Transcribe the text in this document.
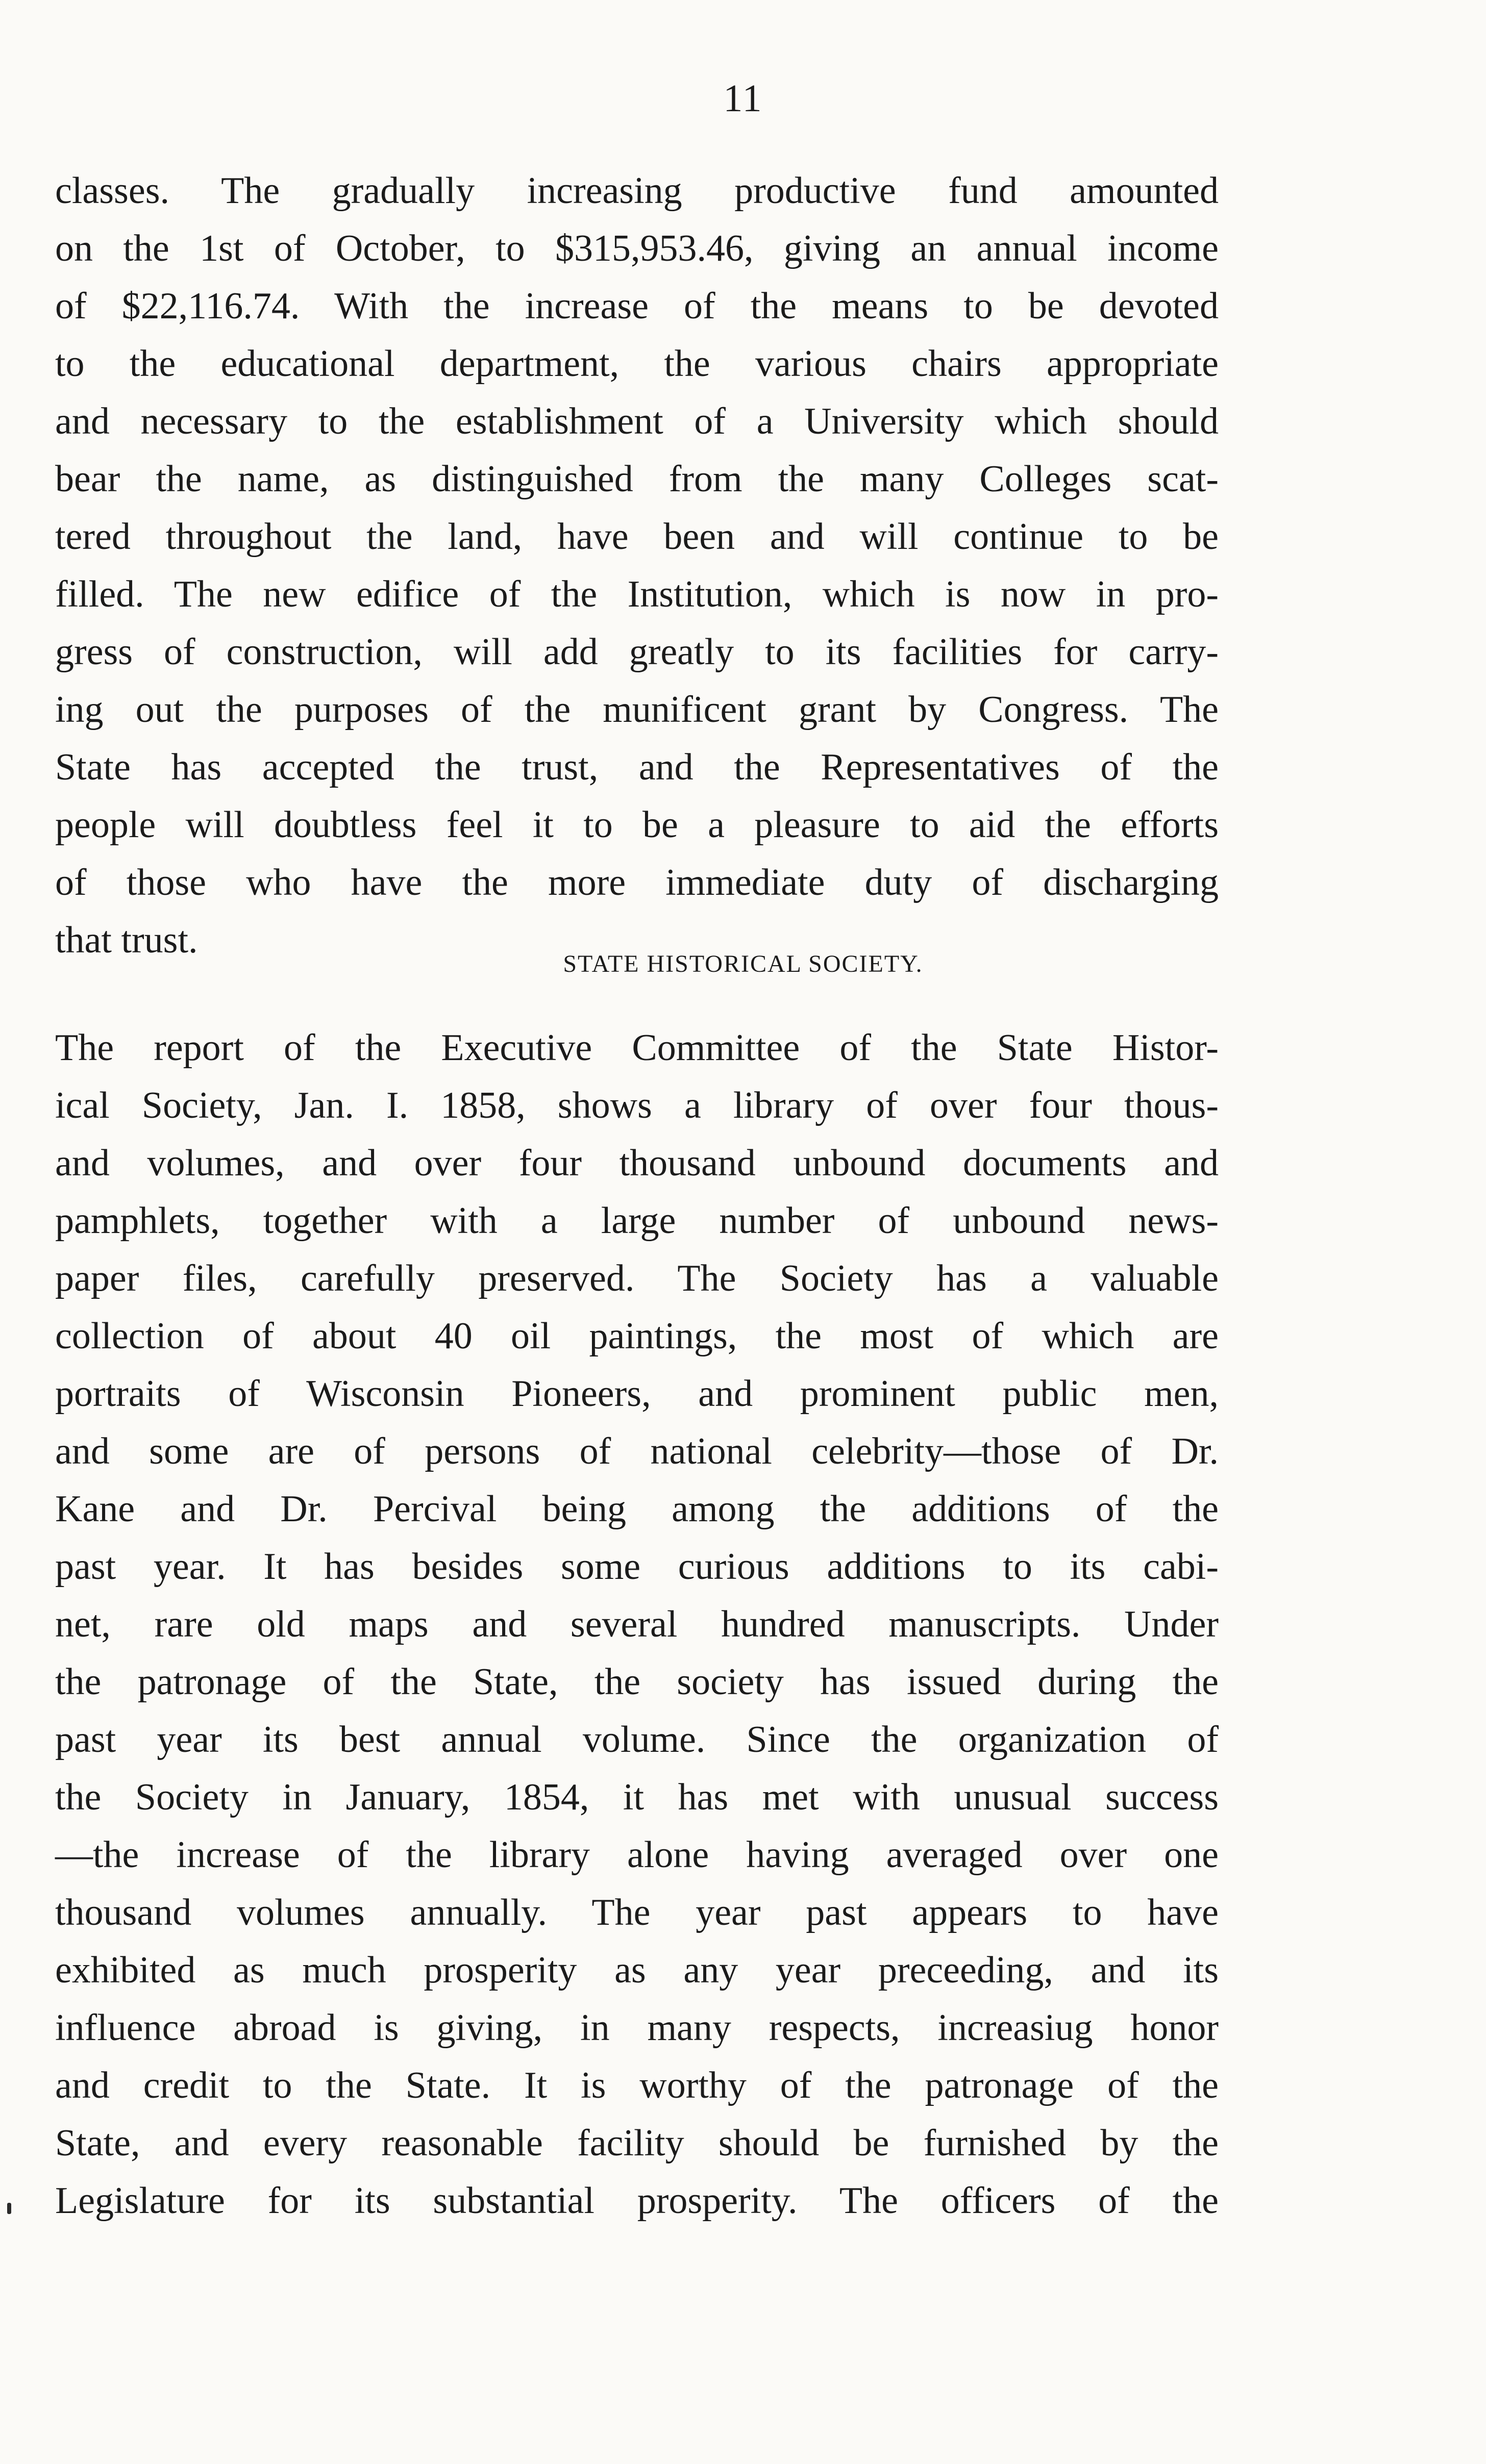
11
classes. The gradually increasing productive fund amounted
on the 1st of October, to $315,953.46, giving an annual income
of $22,116.74. With the increase of the means to be devoted
to the educational department, the various chairs appropriate
and necessary to the establishment of a University which should
bear the name, as distinguished from the many Colleges scat-
tered throughout the land, have been and will continue to be
filled. The new edifice of the Institution, which is now in pro-
gress of construction, will add greatly to its facilities for carry-
ing out the purposes of the munificent grant by Congress. The
State has accepted the trust, and the Representatives of the
people will doubtless feel it to be a pleasure to aid the efforts
of those who have the more immediate duty of discharging
that trust.
STATE HISTORICAL SOCIETY.
The report of the Executive Committee of the State Histor-
ical Society, Jan. I. 1858, shows a library of over four thous-
and volumes, and over four thousand unbound documents and
pamphlets, together with a large number of unbound news-
paper files, carefully preserved. The Society has a valuable
collection of about 40 oil paintings, the most of which are
portraits of Wisconsin Pioneers, and prominent public men,
and some are of persons of national celebrity—those of Dr.
Kane and Dr. Percival being among the additions of the
past year. It has besides some curious additions to its cabi-
net, rare old maps and several hundred manuscripts. Under
the patronage of the State, the society has issued during the
past year its best annual volume. Since the organization of
the Society in January, 1854, it has met with unusual success
—the increase of the library alone having averaged over one
thousand volumes annually. The year past appears to have
exhibited as much prosperity as any year preceeding, and its
influence abroad is giving, in many respects, increasiug honor
and credit to the State. It is worthy of the patronage of the
State, and every reasonable facility should be furnished by the
Legislature for its substantial prosperity. The officers of the
